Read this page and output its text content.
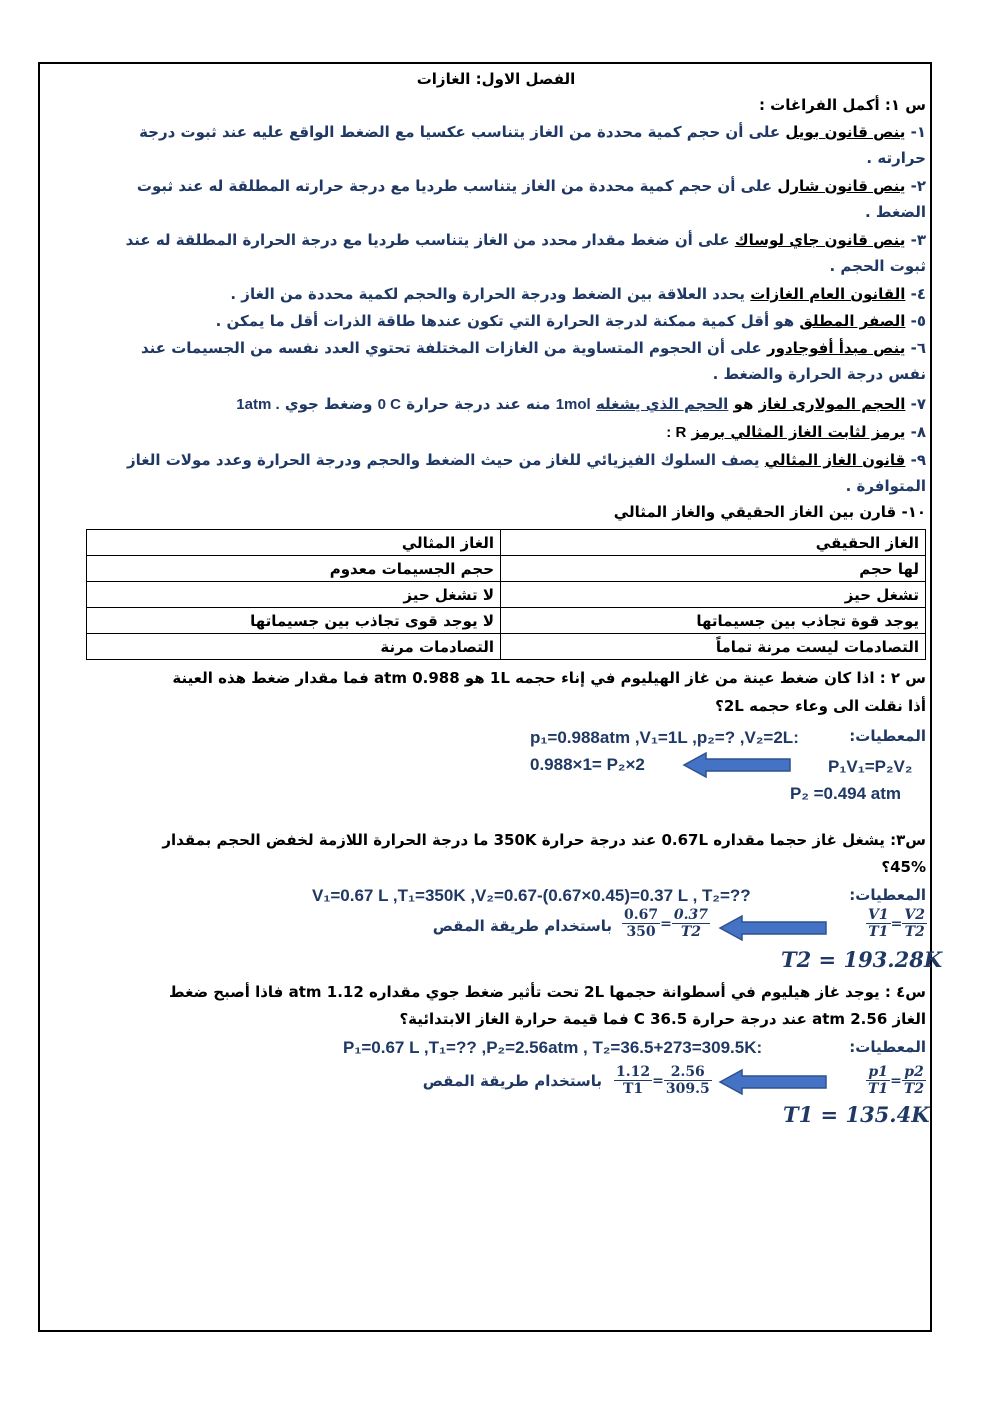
الفصل الاول: الغازات
س ١: أكمل الفراغات :
١- ينص قانون بويل على أن حجم كمية محددة من الغاز يتناسب عكسيا مع الضغط الواقع عليه عند ثبوت درجة
حرارته .
٢- ينص قانون شارل على أن حجم كمية محددة من الغاز يتناسب طرديا مع درجة حرارته المطلقة له عند ثبوت
الضغط .
٣- ينص قانون جاي لوساك على أن ضغط مقدار محدد من الغاز يتناسب طرديا مع درجة الحرارة المطلقة له عند
ثبوت الحجم .
٤- القانون العام الغازات يحدد العلاقة بين الضغط ودرجة الحرارة والحجم لكمية محددة من الغاز .
٥- الصفر المطلق هو أقل كمية ممكنة لدرجة الحرارة التي تكون عندها طاقة الذرات أقل ما يمكن .
٦- ينص مبدأ أفوجادور على أن الحجوم المتساوية من الغازات المختلفة تحتوي العدد نفسه من الجسيمات عند
نفس درجة الحرارة والضغط .
٧- الحجم المولارى لغاز هو الحجم الذي يشغله 1mol منه عند درجة حرارة 0 C وضغط جوي 1atm .
٨- يرمز لثابت الغاز المثالي برمز : R
٩- قانون الغاز المثالي يصف السلوك الفيزيائي للغاز من حيث الضغط والحجم ودرجة الحرارة وعدد مولات الغاز
المتوافرة .
١٠- قارن بين الغاز الحقيقي والغاز المثالي
الغاز الحقيقي	الغاز المثالي
لها حجم	حجم الجسيمات معدوم
تشغل حيز	لا تشغل حيز
يوجد قوة تجاذب بين جسيماتها	لا يوجد قوى تجاذب بين جسيماتها
التصادمات ليست مرنة تماماً	التصادمات مرنة
س ٢ : اذا كان ضغط عينة من غاز الهيليوم في إناء حجمه 1L هو 0.988 atm فما مقدار ضغط هذه العينة
أذا نقلت الى وعاء حجمه 2L؟
المعطيات:
p₁=0.988atm ,V₁=1L ,p₂=? ,V₂=2L:
P₁V₁=P₂V₂
0.988×1= P₂×2
P₂ =0.494 atm
س٣: يشغل غاز حجما مقداره 0.67L عند درجة حرارة 350K ما درجة الحرارة اللازمة لخفض الحجم بمقدار
45%؟
المعطيات:
V₁=0.67 L ,T₁=350K ,V₂=0.67-(0.67×0.45)=0.37 L , T₂=??
$\frac{V1}{T1} = \frac{V2}{T2}$
$\frac{0.67}{350} = \frac{0.37}{T2}$
باستخدام طريقة المقص
T2 = 193.28K
س٤ : يوجد غاز هيليوم في أسطوانة حجمها 2L تحت تأثير ضغط جوي مقداره 1.12 atm فاذا أصبح ضغط
الغاز 2.56 atm عند درجة حرارة 36.5 C فما قيمة حرارة الغاز الابتدائية؟
المعطيات:
P₁=0.67 L ,T₁=?? ,P₂=2.56atm , T₂=36.5+273=309.5K:
$\frac{p1}{T1} = \frac{p2}{T2}$
$\frac{1.12}{T1} = \frac{2.56}{309.5}$
باستخدام طريقة المقص
T1 = 135.4K
